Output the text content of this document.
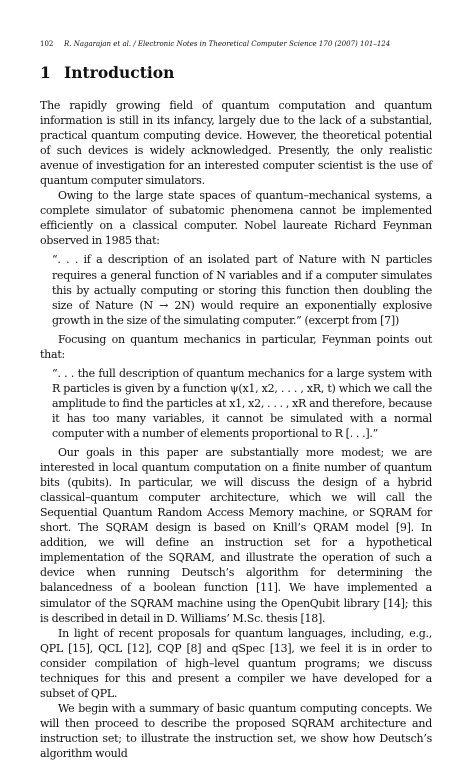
102 R. Nagarajan et al. / Electronic Notes in Theoretical Computer Science 170 (2007) 101–124
1 Introduction

The rapidly growing field of quantum computation and quantum information is still in its infancy, largely due to the lack of a substantial, practical quantum computing device. However, the theoretical potential of such devices is widely acknowledged. Presently, the only realistic avenue of investigation for an interested computer scientist is the use of quantum computer simulators.

Owing to the large state spaces of quantum–mechanical systems, a complete simulator of subatomic phenomena cannot be implemented efficiently on a classical computer. Nobel laureate Richard Feynman observed in 1985 that:

“. . . if a description of an isolated part of Nature with N particles requires a general function of N variables and if a computer simulates this by actually computing or storing this function then doubling the size of Nature (N → 2N) would require an exponentially explosive growth in the size of the simulating computer.” (excerpt from [7])

Focusing on quantum mechanics in particular, Feynman points out that:

“. . . the full description of quantum mechanics for a large system with R particles is given by a function ψ(x1, x2, . . . , xR, t) which we call the amplitude to find the particles at x1, x2, . . . , xR and therefore, because it has too many variables, it cannot be simulated with a normal computer with a number of elements proportional to R [. . .].”

Our goals in this paper are substantially more modest; we are interested in local quantum computation on a finite number of quantum bits (qubits). In particular, we will discuss the design of a hybrid classical–quantum computer architecture, which we will call the Sequential Quantum Random Access Memory machine, or SQRAM for short. The SQRAM design is based on Knill’s QRAM model [9]. In addition, we will define an instruction set for a hypothetical implementation of the SQRAM, and illustrate the operation of such a device when running Deutsch’s algorithm for determining the balancedness of a boolean function [11]. We have implemented a simulator of the SQRAM machine using the OpenQubit library [14]; this is described in detail in D. Williams’ M.Sc. thesis [18].

In light of recent proposals for quantum languages, including, e.g., QPL [15], QCL [12], CQP [8] and qSpec [13], we feel it is in order to consider compilation of high–level quantum programs; we discuss techniques for this and present a compiler we have developed for a subset of QPL.

We begin with a summary of basic quantum computing concepts. We will then proceed to describe the proposed SQRAM architecture and instruction set; to illustrate the instruction set, we show how Deutsch’s algorithm would
